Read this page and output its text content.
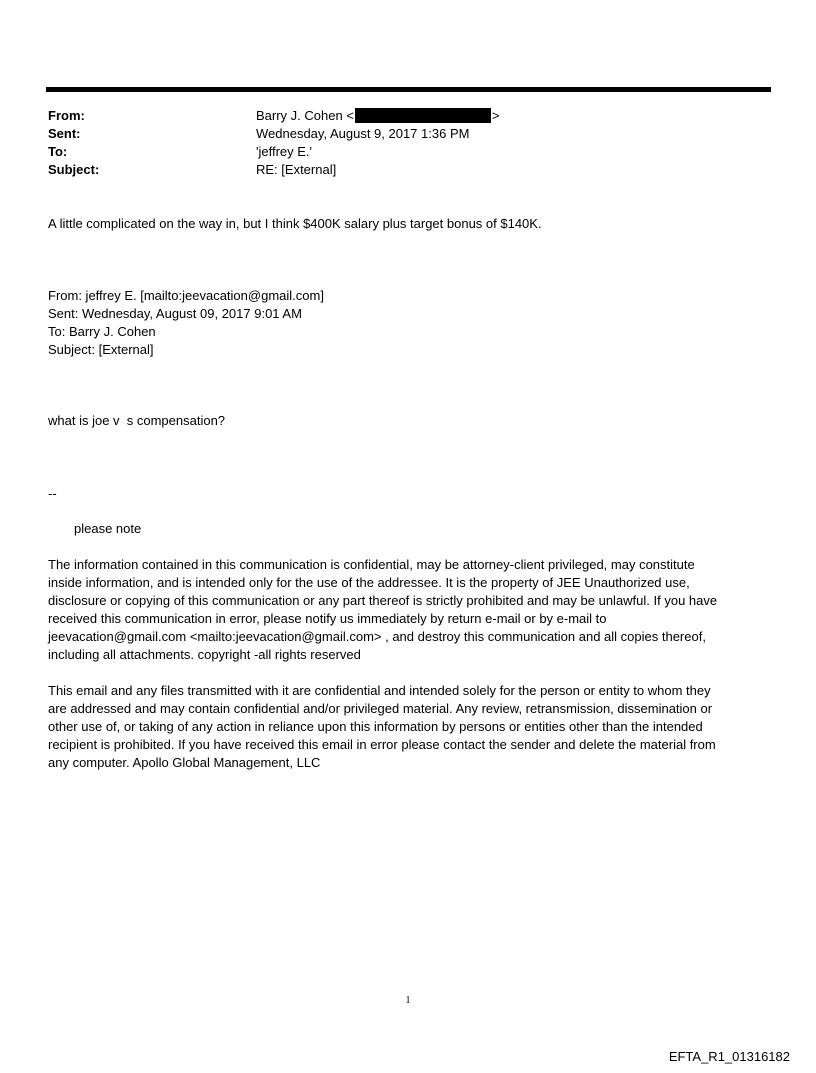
From:	Barry J. Cohen <	>
Sent:	Wednesday, August 9, 2017 1:36 PM
To:	'jeffrey E.'
Subject:	RE: [External]
A little complicated on the way in, but I think $400K salary plus target bonus of $140K.
From: jeffrey E. [mailto:jeevacation@gmail.com]
Sent: Wednesday, August 09, 2017 9:01 AM
To: Barry J. Cohen
Subject: [External]
what is joe v  s compensation?
--
please note
The information contained in this communication is confidential, may be attorney-client privileged, may constitute
inside information, and is intended only for the use of the addressee. It is the property of JEE Unauthorized use,
disclosure or copying of this communication or any part thereof is strictly prohibited and may be unlawful. If you have
received this communication in error, please notify us immediately by return e-mail or by e-mail to
jeevacation@gmail.com <mailto:jeevacation@gmail.com> , and destroy this communication and all copies thereof,
including all attachments. copyright -all rights reserved
This email and any files transmitted with it are confidential and intended solely for the person or entity to whom they
are addressed and may contain confidential and/or privileged material. Any review, retransmission, dissemination or
other use of, or taking of any action in reliance upon this information by persons or entities other than the intended
recipient is prohibited. If you have received this email in error please contact the sender and delete the material from
any computer. Apollo Global Management, LLC
1
EFTA_R1_01316182
